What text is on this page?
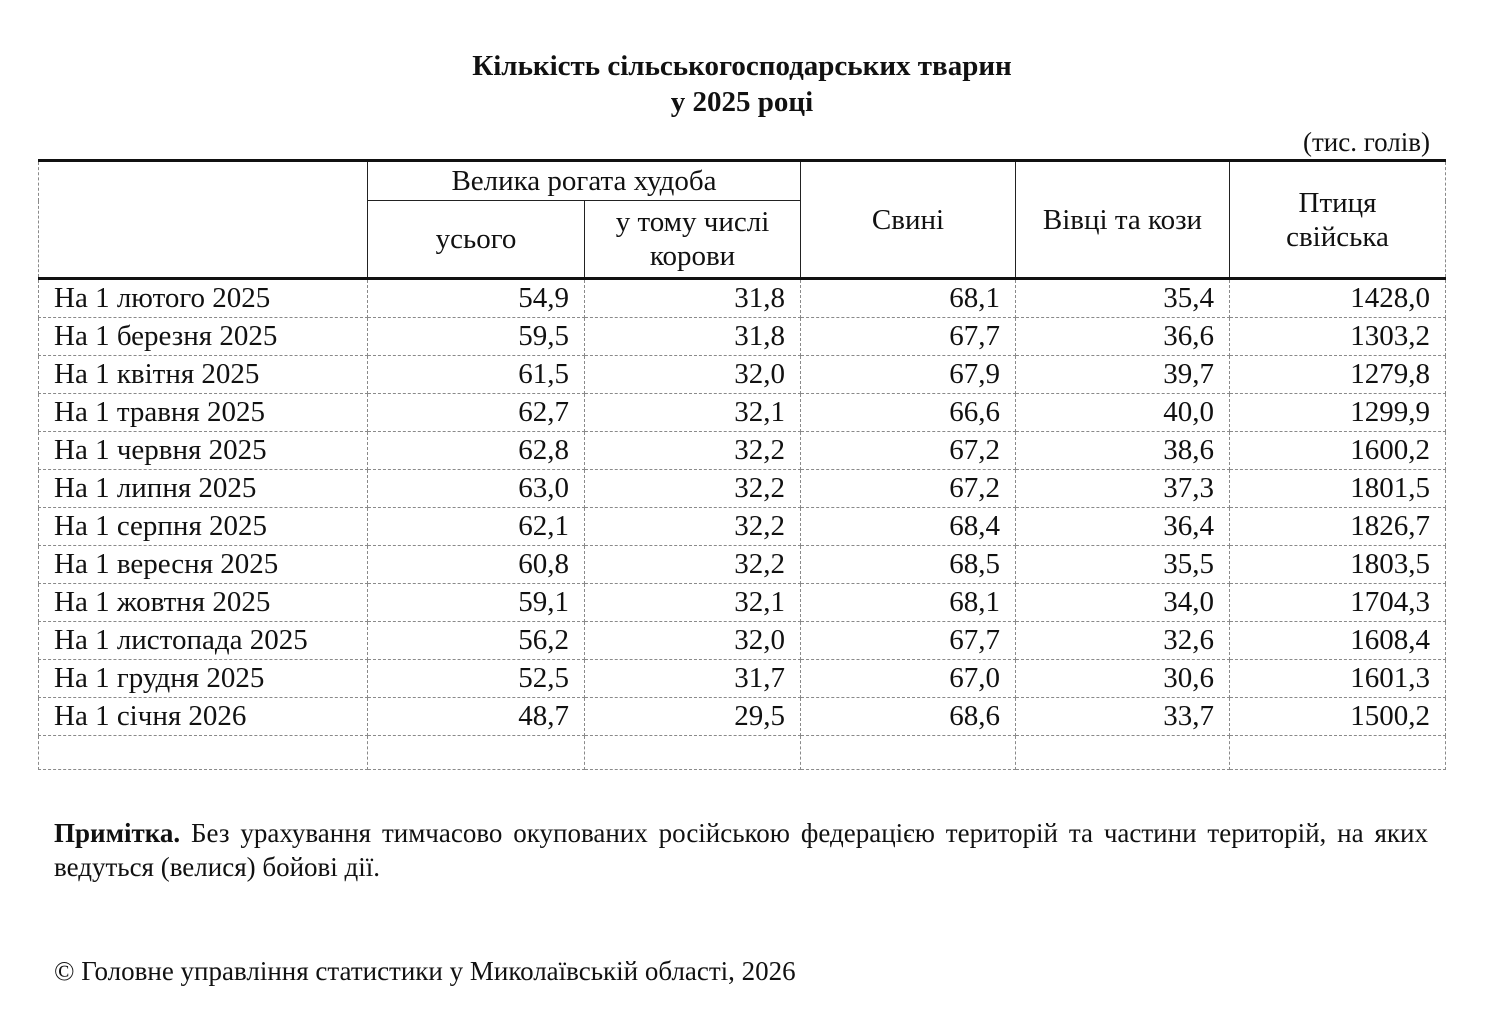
Кількість сільськогосподарських тварин
у 2025 році
(тис. голів)
	Велика рогата худоба		Свині	Вівці та кози	Птиця
свійська

	усього	у тому числі
корови			

На 1 лютого 2025	54,9	31,8	68,1	35,4	1428,0
На 1 березня 2025	59,5	31,8	67,7	36,6	1303,2
На 1 квітня 2025	61,5	32,0	67,9	39,7	1279,8
На 1 травня 2025	62,7	32,1	66,6	40,0	1299,9
На 1 червня 2025	62,8	32,2	67,2	38,6	1600,2
На 1 липня 2025	63,0	32,2	67,2	37,3	1801,5
На 1 серпня 2025	62,1	32,2	68,4	36,4	1826,7
На 1 вересня 2025	60,8	32,2	68,5	35,5	1803,5
На 1 жовтня 2025	59,1	32,1	68,1	34,0	1704,3
На 1 листопада 2025	56,2	32,0	67,7	32,6	1608,4
На 1 грудня 2025	52,5	31,7	67,0	30,6	1601,3
На 1 січня 2026	48,7	29,5	68,6	33,7	1500,2

Примітка. Без урахування тимчасово окупованих російською федерацією територій та частини територій, на яких ведуться (велися) бойові дії.
© Головне управління статистики у Миколаївській області, 2026
